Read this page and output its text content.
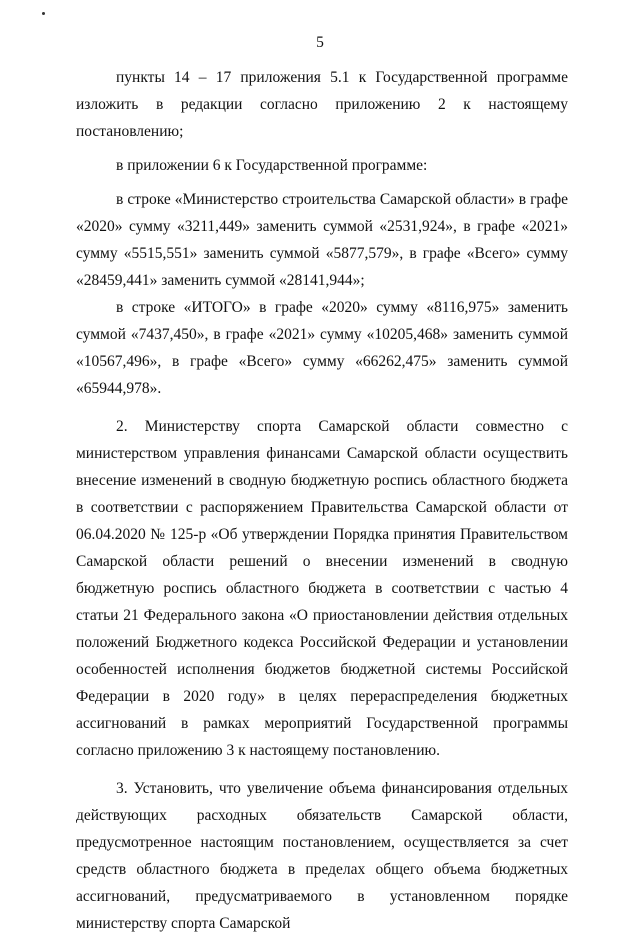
5

пункты 14 – 17 приложения 5.1 к Государственной программе изложить в редакции согласно приложению 2 к настоящему постановлению;

в приложении 6 к Государственной программе:

в строке «Министерство строительства Самарской области» в графе «2020» сумму «3211,449» заменить суммой «2531,924», в графе «2021» сумму «5515,551» заменить суммой «5877,579», в графе «Всего» сумму «28459,441» заменить суммой «28141,944»;

в строке «ИТОГО» в графе «2020» сумму «8116,975» заменить суммой «7437,450», в графе «2021» сумму «10205,468» заменить суммой «10567,496», в графе «Всего» сумму «66262,475» заменить суммой «65944,978».

2. Министерству спорта Самарской области совместно с министерством управления финансами Самарской области осуществить внесение изменений в сводную бюджетную роспись областного бюджета в соответствии с распоряжением Правительства Самарской области от 06.04.2020 № 125-р «Об утверждении Порядка принятия Правительством Самарской области решений о внесении изменений в сводную бюджетную роспись областного бюджета в соответствии с частью 4 статьи 21 Федерального закона «О приостановлении действия отдельных положений Бюджетного кодекса Российской Федерации и установлении особенностей исполнения бюджетов бюджетной системы Российской Федерации в 2020 году» в целях перераспределения бюджетных ассигнований в рамках мероприятий Государственной программы согласно приложению 3 к настоящему постановлению.

3. Установить, что увеличение объема финансирования отдельных действующих расходных обязательств Самарской области, предусмотренное настоящим постановлением, осуществляется за счет средств областного бюджета в пределах общего объема бюджетных ассигнований, предусматриваемого в установленном порядке министерству спорта Самарской
